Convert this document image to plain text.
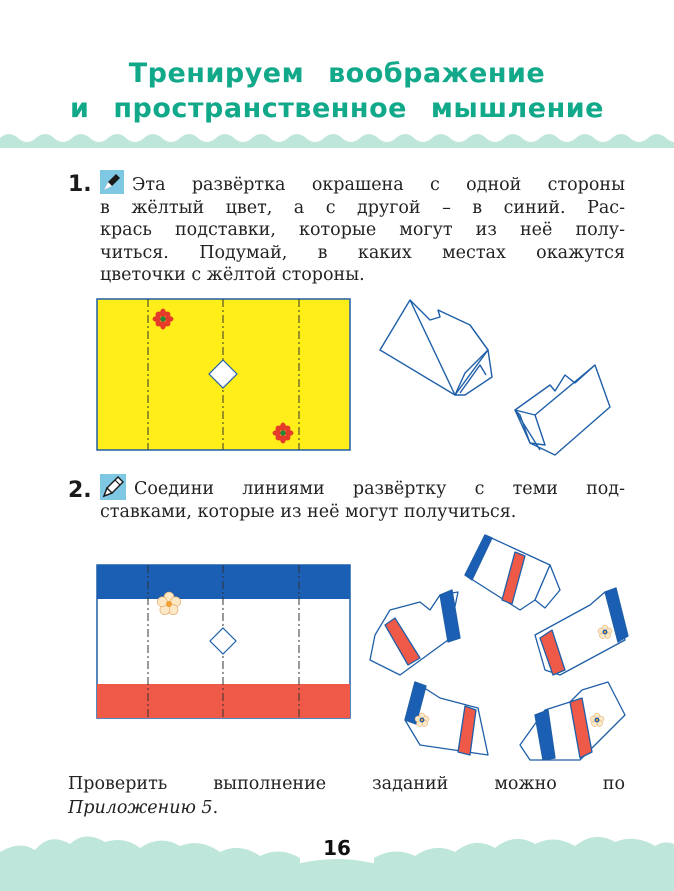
Тренируем воображение
и пространственное мышление
1. Эта развёртка окрашена с одной стороны
в жёлтый цвет, а с другой – в синий. Рас-
крась подставки, которые могут из неё полу-
читься. Подумай, в каких местах окажутся
цветочки с жёлтой стороны.
2. Соедини линиями развёртку с теми под-
ставками, которые из неё могут получиться.
Проверить выполнение заданий можно по
Приложению 5.
16
